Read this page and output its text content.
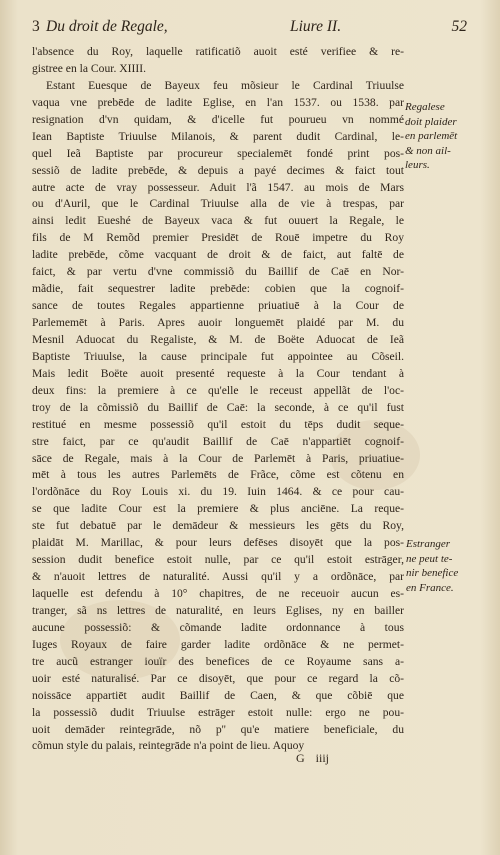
3 Du droit de Regale,	Liure II.	52
l'absence du Roy, laquelle ratificatiõ auoit esté verifiee & re-
gistree en la Cour. XIIII.
Estant Euesque de Bayeux feu mõsieur le Cardinal Triuulse
vaqua vne prebēde de ladite Eglise, en l'an 1537. ou 1538. par
resignation d'vn quidam, & d'icelle fut pourueu vn nommé
Iean Baptiste Triuulse Milanois, & parent dudit Cardinal, le-
quel Ieã Baptiste par procureur specialemēt fondé print pos-
sessiõ de ladite prebēde, & depuis a payé decimes & faict tout
autre acte de vray possesseur. Aduit l'ã 1547. au mois de Mars
ou d'Auril, que le Cardinal Triuulse alla de vie à trespas, par
ainsi ledit Eueshé de Bayeux vaca & fut ouuert la Regale, le
fils de M Remõd premier Presidēt de Rouē impetre du Roy
ladite prebēde, cõme vacquant de droit & de faict, aut faltē de
faict, & par vertu d'vne commissiõ du Baillif de Caē en Nor-
mãdie, fait sequestrer ladite prebēde: cobien que la cognoif-
sance de toutes Regales appartienne priuatiuē à la Cour de
Parlememēt à Paris. Apres auoir longuemēt plaidé par M. du
Mesnil Aduocat du Regaliste, & M. de Boëte Aduocat de Ieã
Baptiste Triuulse, la cause principale fut appointee au Cõseil.
Mais ledit Boëte auoit presenté requeste à la Cour tendant à
deux fins: la premiere à ce qu'elle le receust appellãt de l'oc-
troy de la cõmissiõ du Baillif de Caē: la seconde, à ce qu'il fust
restitué en mesme possessiõ qu'il estoit du tēps dudit seque-
stre faict, par ce qu'audit Baillif de Caē n'appartiēt cognoif-
sāce de Regale, mais à la Cour de Parlemēt à Paris, priuatiue-
mēt à tous les autres Parlemēts de Frãce, cõme est cõtenu en
l'ordõnāce du Roy Louis xi. du 19. Iuin 1464. & ce pour cau-
se que ladite Cour est la premiere & plus anciēne. La reque-
ste fut debatuē par le demādeur & messieurs les gēts du Roy,
plaidāt M. Marillac, & pour leurs defēses disoyēt que la pos-
session dudit benefice estoit nulle, par ce qu'il estoit estrāger,
& n'auoit lettres de naturalité. Aussi qu'il y a ordõnāce, par
laquelle est defendu à 10° chapitres, de ne receuoir aucun es-
tranger, sã ns lettres de naturalité, en leurs Eglises, ny en bailler
aucune possessiõ: & cõmande ladite ordonnance à tous
Iuges Royaux de faire garder ladite ordõnāce & ne permet-
tre aucũ estranger iouïr des benefices de ce Royaume sans a-
uoir esté naturalisé. Par ce disoyēt, que pour ce regard la cõ-
noissāce appartiēt audit Baillif de Caen, & que cõbiē que
la possessiõ dudit Triuulse estrāger estoit nulle: ergo ne pou-
uoit demāder reintegrāde, nõ p'' qu'e matiere beneficiale, du
cõmun style du palais, reintegrāde n'a point de lieu. Aquoy
Regalese
doit plaider
en parlemēt
& non ail-
leurs.
Estranger
ne peut te-
nir benefice
en France.
G iiij
